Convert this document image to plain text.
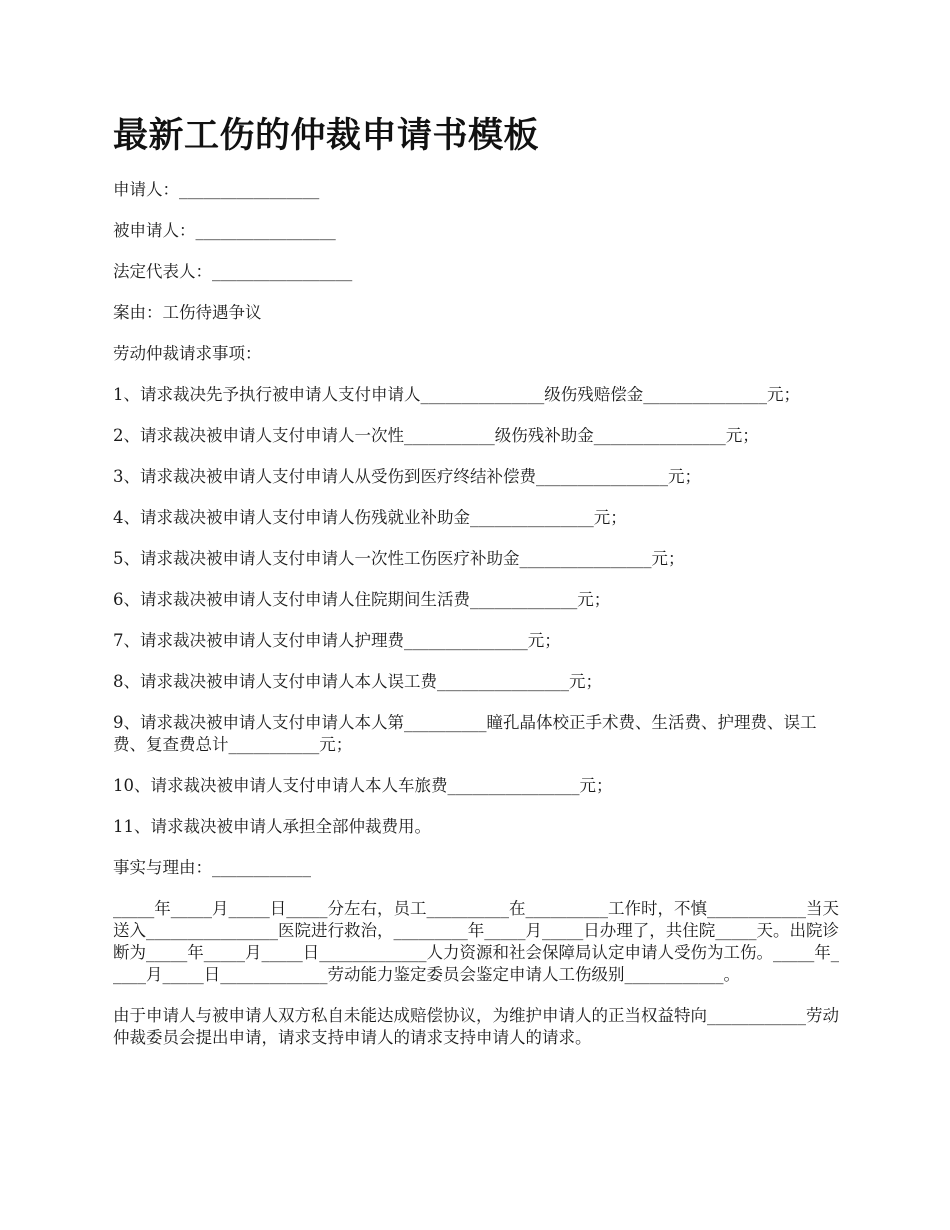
最新工伤的仲裁申请书模板

申请人：_________________

被申请人：_________________

法定代表人：_________________

案由：工伤待遇争议

劳动仲裁请求事项：

1、请求裁决先予执行被申请人支付申请人_______________级伤残赔偿金_______________元；

2、请求裁决被申请人支付申请人一次性___________级伤残补助金________________元；

3、请求裁决被申请人支付申请人从受伤到医疗终结补偿费________________元；

4、请求裁决被申请人支付申请人伤残就业补助金_______________元；

5、请求裁决被申请人支付申请人一次性工伤医疗补助金________________元；

6、请求裁决被申请人支付申请人住院期间生活费_____________元；

7、请求裁决被申请人支付申请人护理费_______________元；

8、请求裁决被申请人支付申请人本人误工费________________元；

9、请求裁决被申请人支付申请人本人第__________瞳孔晶体校正手术费、生活费、护理费、误工费、复查费总计___________元；

10、请求裁决被申请人支付申请人本人车旅费________________元；

11、请求裁决被申请人承担全部仲裁费用。

事实与理由：____________

_____年_____月_____日_____分左右，员工__________在__________工作时，不慎____________当天送入________________医院进行救治，_________年_____月_____日办理了，共住院_____天。出院诊断为_____年_____月_____日_____________人力资源和社会保障局认定申请人受伤为工伤。_____年_____月_____日_____________劳动能力鉴定委员会鉴定申请人工伤级别____________。

由于申请人与被申请人双方私自未能达成赔偿协议，为维护申请人的正当权益特向____________劳动仲裁委员会提出申请，请求支持申请人的请求支持申请人的请求。
